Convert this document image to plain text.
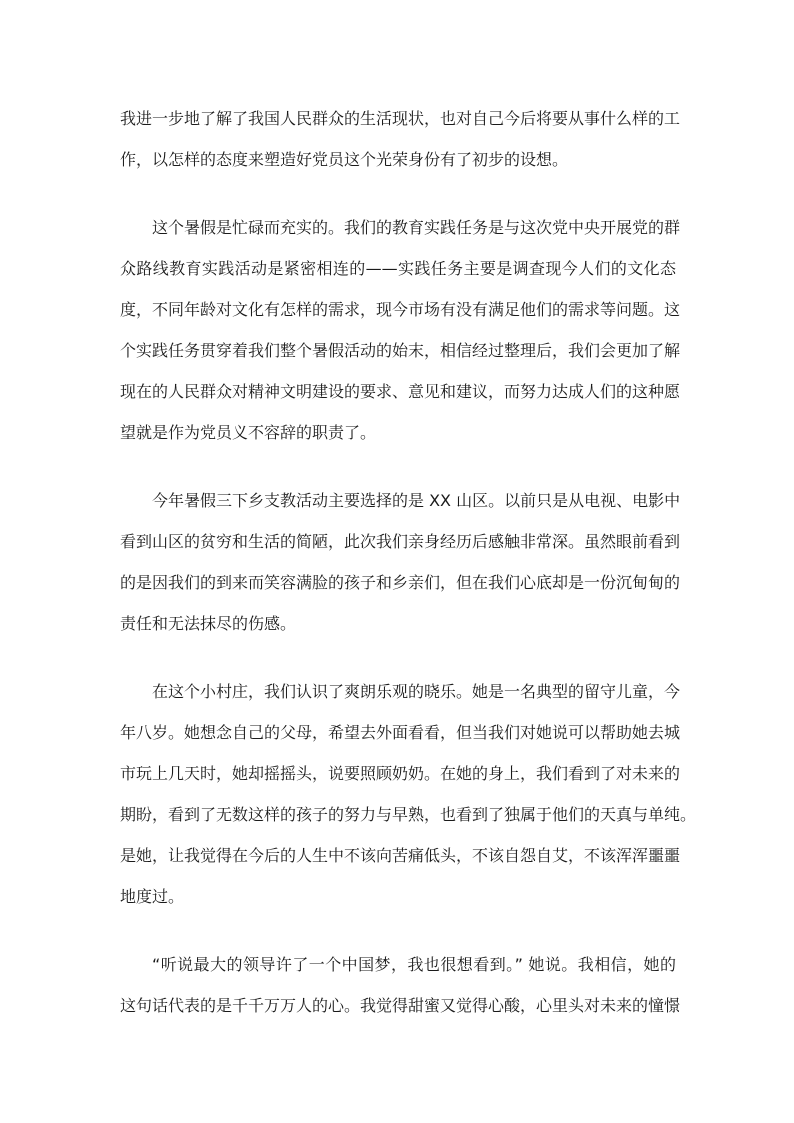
我进一步地了解了我国人民群众的生活现状，也对自己今后将要从事什么样的工
作，以怎样的态度来塑造好党员这个光荣身份有了初步的设想。
这个暑假是忙碌而充实的。我们的教育实践任务是与这次党中央开展党的群
众路线教育实践活动是紧密相连的——实践任务主要是调查现今人们的文化态
度，不同年龄对文化有怎样的需求，现今市场有没有满足他们的需求等问题。这
个实践任务贯穿着我们整个暑假活动的始末，相信经过整理后，我们会更加了解
现在的人民群众对精神文明建设的要求、意见和建议，而努力达成人们的这种愿
望就是作为党员义不容辞的职责了。
今年暑假三下乡支教活动主要选择的是 XX 山区。以前只是从电视、电影中
看到山区的贫穷和生活的简陋，此次我们亲身经历后感触非常深。虽然眼前看到
的是因我们的到来而笑容满脸的孩子和乡亲们，但在我们心底却是一份沉甸甸的
责任和无法抹尽的伤感。
在这个小村庄，我们认识了爽朗乐观的晓乐。她是一名典型的留守儿童，今
年八岁。她想念自己的父母，希望去外面看看，但当我们对她说可以帮助她去城
市玩上几天时，她却摇摇头，说要照顾奶奶。在她的身上，我们看到了对未来的
期盼，看到了无数这样的孩子的努力与早熟，也看到了独属于他们的天真与单纯。
是她，让我觉得在今后的人生中不该向苦痛低头，不该自怨自艾，不该浑浑噩噩
地度过。
“听说最大的领导许了一个中国梦，我也很想看到。” 她说。我相信，她的
这句话代表的是千千万万人的心。我觉得甜蜜又觉得心酸，心里头对未来的憧憬
